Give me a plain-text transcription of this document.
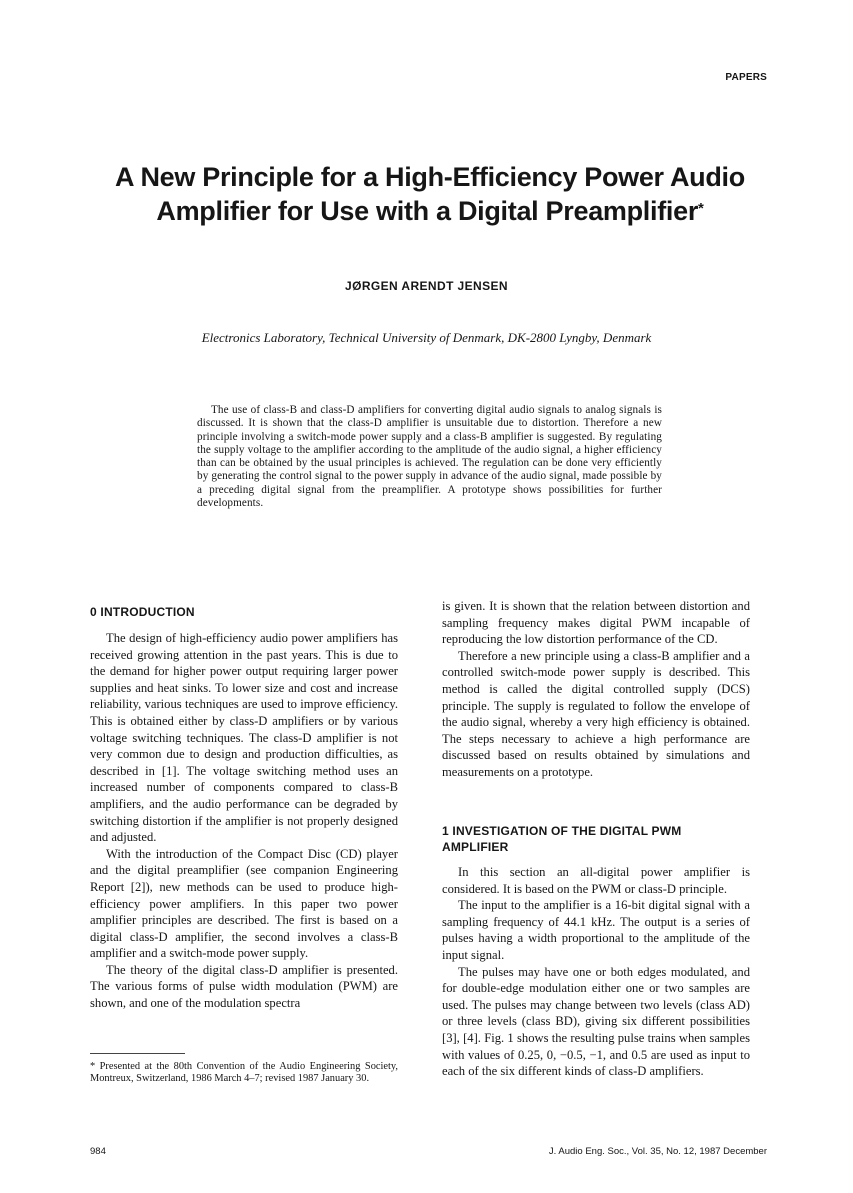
PAPERS
A New Principle for a High-Efficiency Power Audio
Amplifier for Use with a Digital Preamplifier*
JØRGEN ARENDT JENSEN
Electronics Laboratory, Technical University of Denmark, DK-2800 Lyngby, Denmark
The use of class-B and class-D amplifiers for converting digital audio signals to analog signals is discussed. It is shown that the class-D amplifier is unsuitable due to distortion. Therefore a new principle involving a switch-mode power supply and a class-B amplifier is suggested. By regulating the supply voltage to the amplifier according to the amplitude of the audio signal, a higher efficiency than can be obtained by the usual principles is achieved. The regulation can be done very efficiently by generating the control signal to the power supply in advance of the audio signal, made possible by a preceding digital signal from the preamplifier. A prototype shows possibilities for further developments.
0 INTRODUCTION

The design of high-efficiency audio power amplifiers has received growing attention in the past years. This is due to the demand for higher power output requiring larger power supplies and heat sinks. To lower size and cost and increase reliability, various techniques are used to improve efficiency. This is obtained either by class-D amplifiers or by various voltage switching techniques. The class-D amplifier is not very common due to design and production difficulties, as described in [1]. The voltage switching method uses an increased number of components compared to class-B amplifiers, and the audio performance can be degraded by switching distortion if the amplifier is not properly designed and adjusted.

With the introduction of the Compact Disc (CD) player and the digital preamplifier (see companion Engineering Report [2]), new methods can be used to produce high-efficiency power amplifiers. In this paper two power amplifier principles are described. The first is based on a digital class-D amplifier, the second involves a class-B amplifier and a switch-mode power supply.

The theory of the digital class-D amplifier is presented. The various forms of pulse width modulation (PWM) are shown, and one of the modulation spectra

* Presented at the 80th Convention of the Audio Engineering Society, Montreux, Switzerland, 1986 March 4–7; revised 1987 January 30.

is given. It is shown that the relation between distortion and sampling frequency makes digital PWM incapable of reproducing the low distortion performance of the CD.

Therefore a new principle using a class-B amplifier and a controlled switch-mode power supply is described. This method is called the digital controlled supply (DCS) principle. The supply is regulated to follow the envelope of the audio signal, whereby a very high efficiency is obtained. The steps necessary to achieve a high performance are discussed based on results obtained by simulations and measurements on a prototype.

In this section an all-digital power amplifier is considered. It is based on the PWM or class-D principle.

The input to the amplifier is a 16-bit digital signal with a sampling frequency of 44.1 kHz. The output is a series of pulses having a width proportional to the amplitude of the input signal.

The pulses may have one or both edges modulated, and for double-edge modulation either one or two samples are used. The pulses may change between two levels (class AD) or three levels (class BD), giving six different possibilities [3], [4]. Fig. 1 shows the resulting pulse trains when samples with values of 0.25, 0, −0.5, −1, and 0.5 are used as input to each of the six different kinds of class-D amplifiers.

1 INVESTIGATION OF THE DIGITAL PWM AMPLIFIER
984	J. Audio Eng. Soc., Vol. 35, No. 12, 1987 December
